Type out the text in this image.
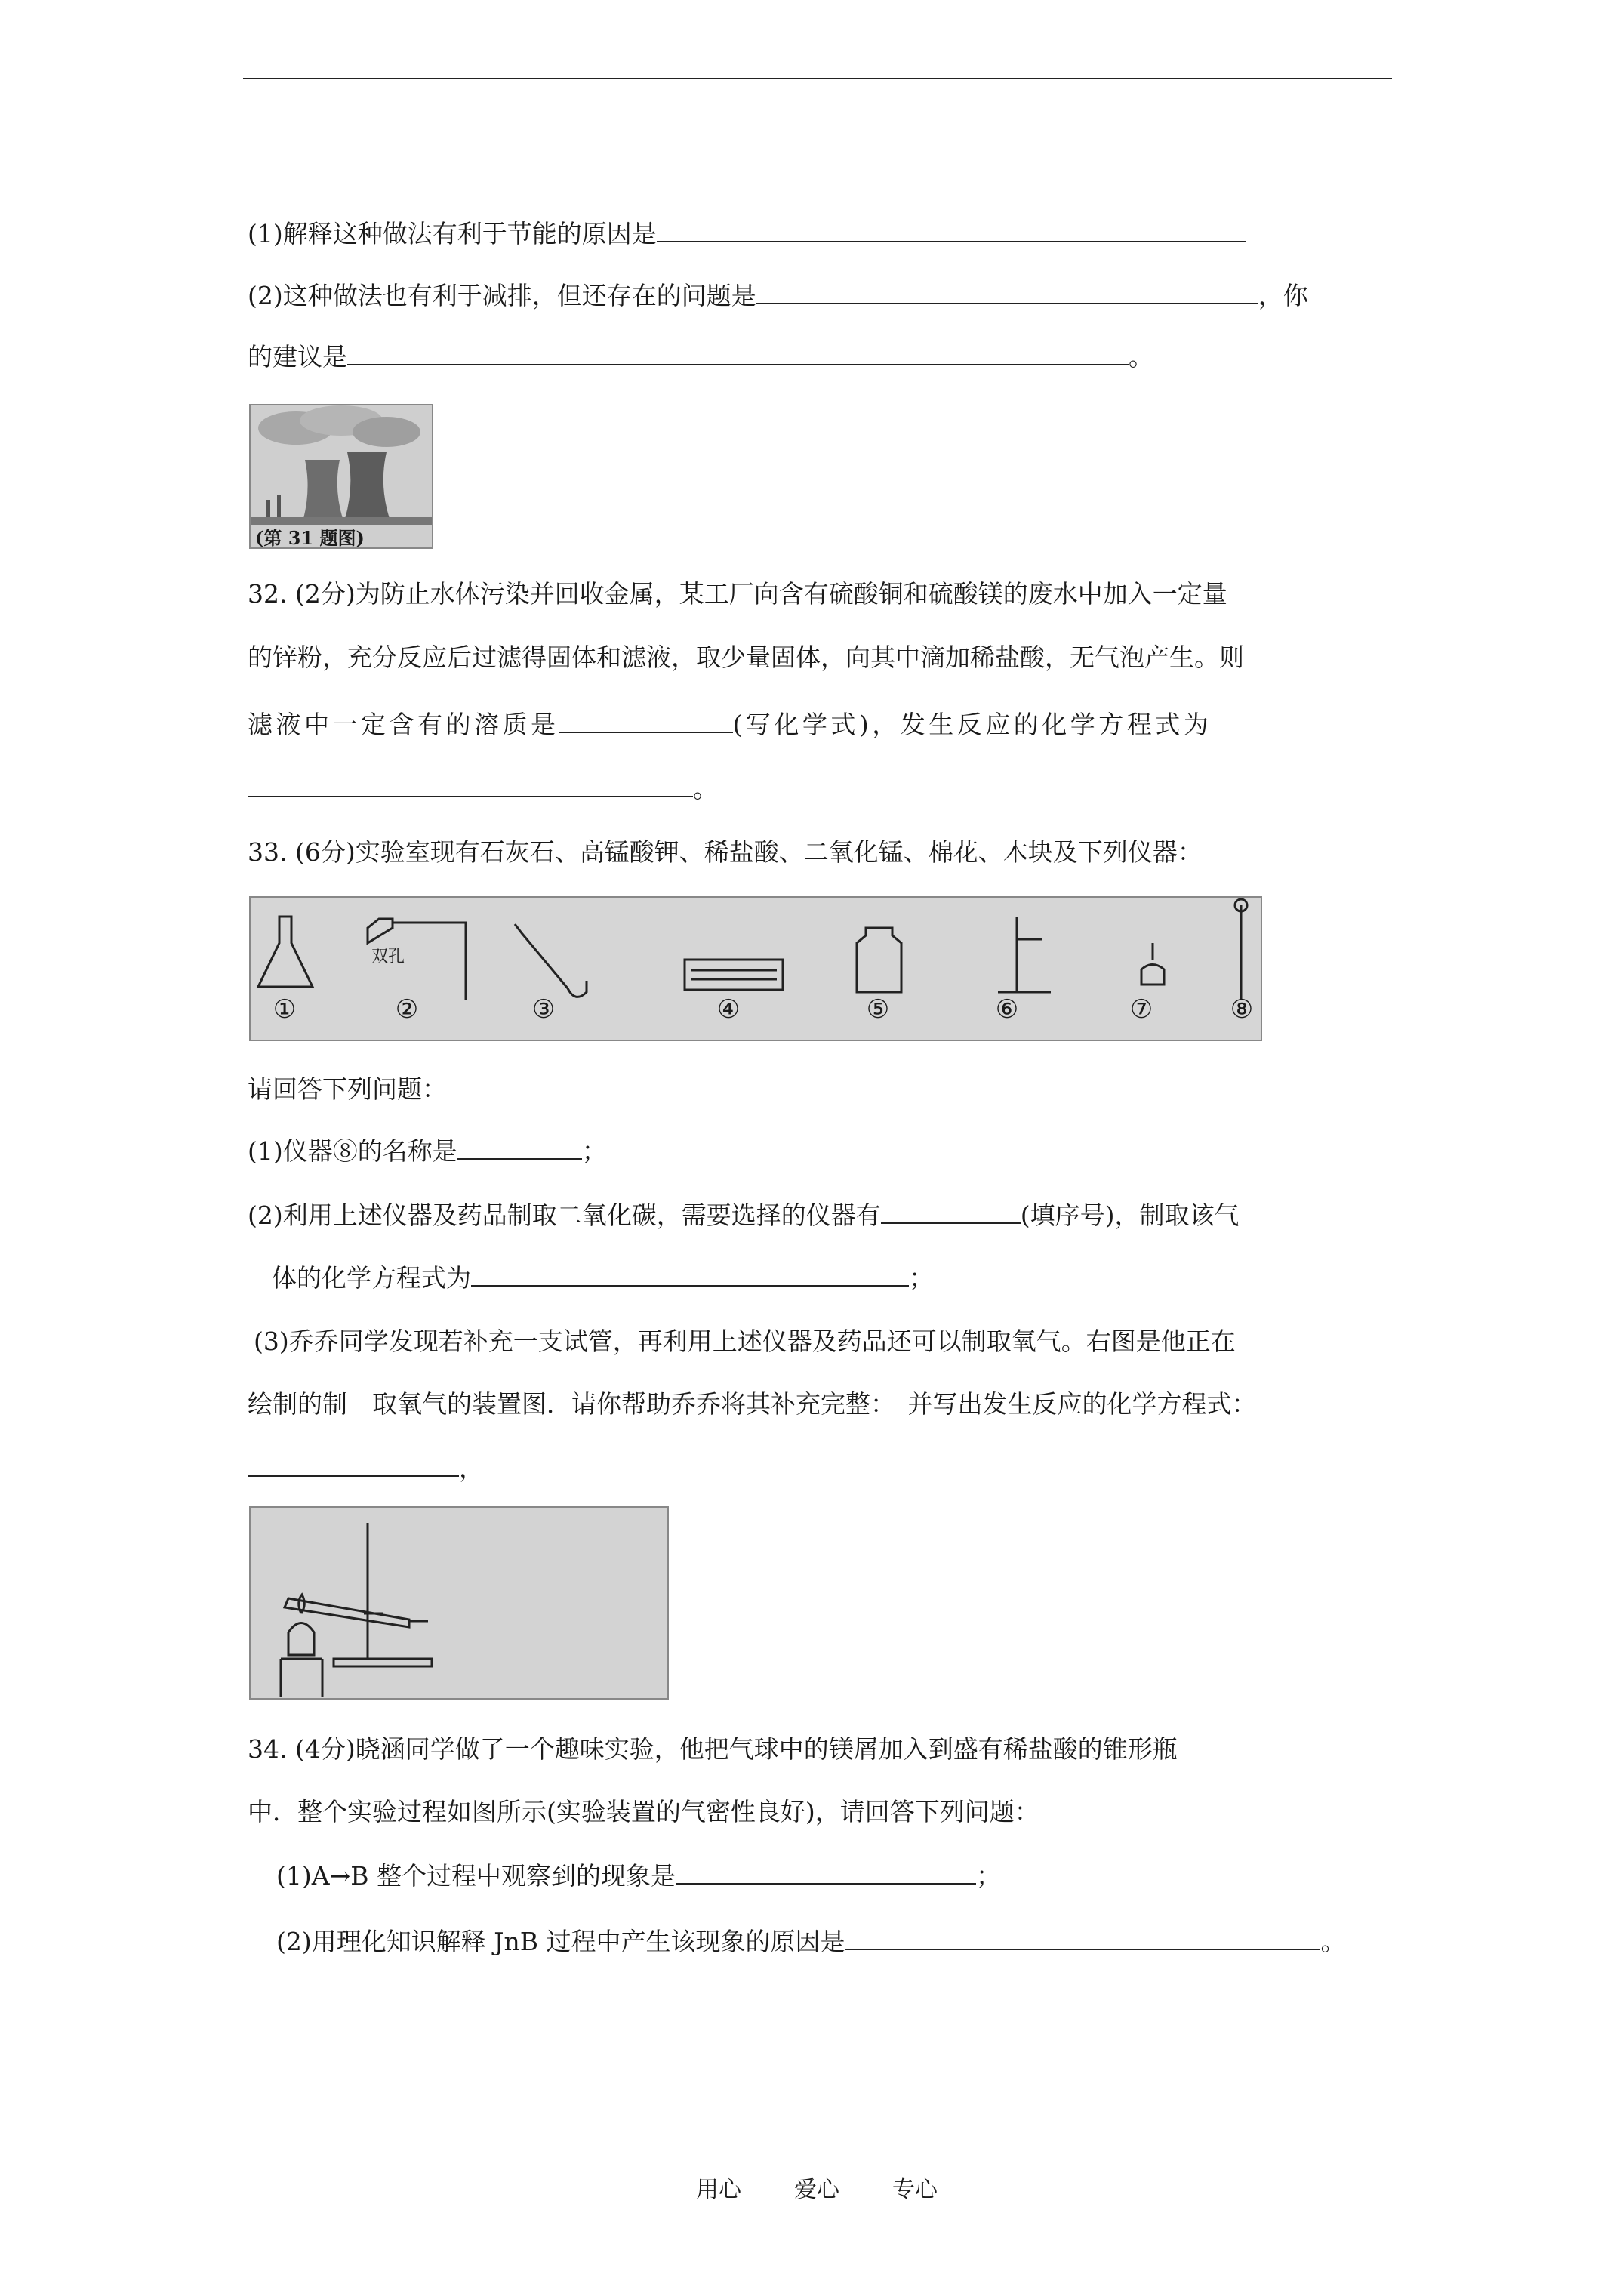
(1)解释这种做法有利于节能的原因是
(2)这种做法也有利于减排，但还存在的问题是	，你
的建议是	。
(第 31 题图)
32. (2分)为防止水体污染并回收金属，某工厂向含有硫酸铜和硫酸镁的废水中加入一定量
的锌粉，充分反应后过滤得固体和滤液，取少量固体，向其中滴加稀盐酸，无气泡产生。则
滤液中一定含有的溶质是	(写化学式)，发生反应的化学方程式为
。
33. (6分)实验室现有石灰石、高锰酸钾、稀盐酸、二氧化锰、棉花、木块及下列仪器：
双孔
①	②	③	④	⑤	⑥	⑦	⑧
请回答下列问题：
(1)仪器⑧的名称是	；
(2)利用上述仪器及药品制取二氧化碳，需要选择的仪器有	(填序号)，制取该气
体的化学方程式为	；
(3)乔乔同学发现若补充一支试管，再利用上述仪器及药品还可以制取氧气。右图是他正在
绘制的制　取氧气的装置图．请你帮助乔乔将其补充完整：　并写出发生反应的化学方程式：
，
34. (4分)晓涵同学做了一个趣味实验，他把气球中的镁屑加入到盛有稀盐酸的锥形瓶
中．整个实验过程如图所示(实验装置的气密性良好)，请回答下列问题：
(1)A→B 整个过程中观察到的现象是	；
(2)用理化知识解释 JnB 过程中产生该现象的原因是	。
用心 爱心 专心
